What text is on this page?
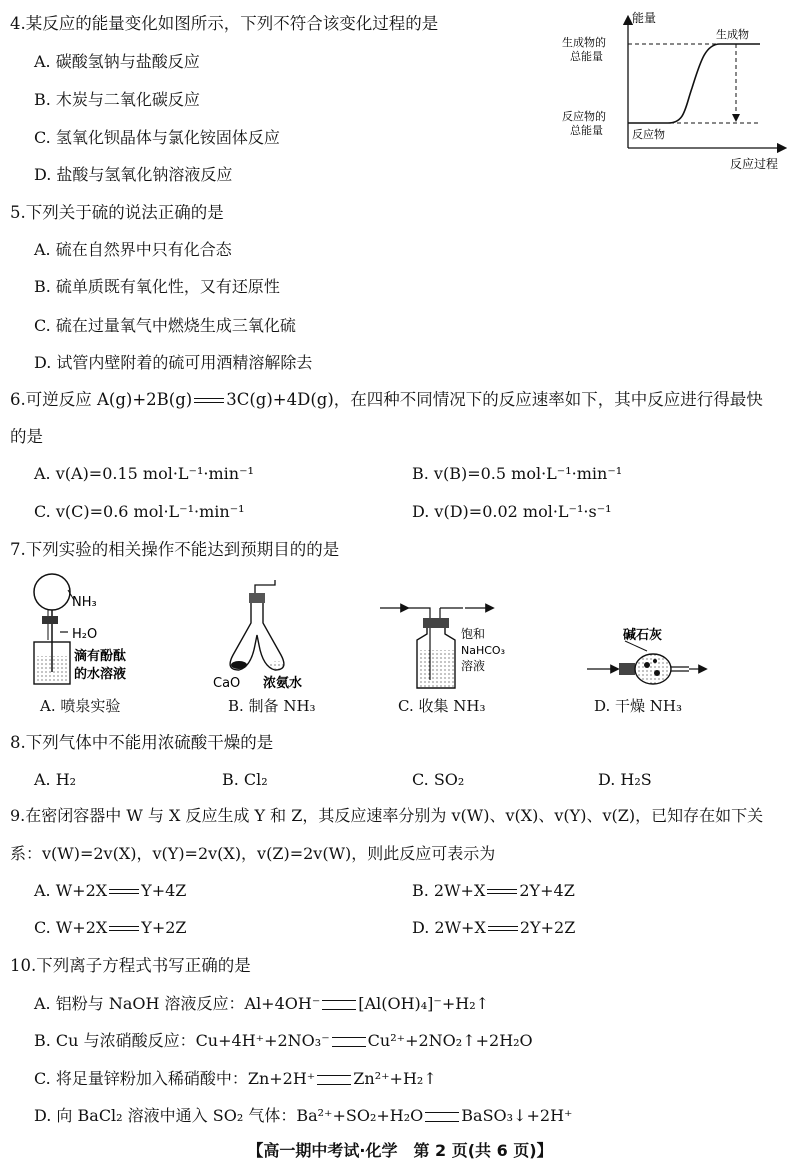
4.某反应的能量变化如图所示，下列不符合该变化过程的是
A. 碳酸氢钠与盐酸反应
B. 木炭与二氧化碳反应
C. 氢氧化钡晶体与氯化铵固体反应
D. 盐酸与氢氧化钠溶液反应
能量
生成物的
总能量
反应物的
总能量
生成物
反应物
反应过程
5.下列关于硫的说法正确的是
A. 硫在自然界中只有化合态
B. 硫单质既有氧化性，又有还原性
C. 硫在过量氧气中燃烧生成三氧化硫
D. 试管内壁附着的硫可用酒精溶解除去
6.可逆反应 A(g)+2B(g) 3C(g)+4D(g)，在四种不同情况下的反应速率如下，其中反应进行得最快
的是
A. v(A)=0.15 mol·L⁻¹·min⁻¹	B. v(B)=0.5 mol·L⁻¹·min⁻¹
C. v(C)=0.6 mol·L⁻¹·min⁻¹	D. v(D)=0.02 mol·L⁻¹·s⁻¹
7.下列实验的相关操作不能达到预期目的的是
NH₃
H₂O
滴有酚酞
的水溶液
CaO 浓氨水
饱和
NaHCO₃
溶液
碱石灰
A. 喷泉实验	B. 制备 NH₃	C. 收集 NH₃	D. 干燥 NH₃
8.下列气体中不能用浓硫酸干燥的是
A. H₂	B. Cl₂	C. SO₂	D. H₂S
9.在密闭容器中 W 与 X 反应生成 Y 和 Z，其反应速率分别为 v(W)、v(X)、v(Y)、v(Z)，已知存在如下关
系：v(W)=2v(X)，v(Y)=2v(X)，v(Z)=2v(W)，则此反应可表示为
A. W+2X Y+4Z	B. 2W+X 2Y+4Z
C. W+2X Y+2Z	D. 2W+X 2Y+2Z
10.下列离子方程式书写正确的是
A. 铝粉与 NaOH 溶液反应：Al+4OH⁻ [Al(OH)₄]⁻+H₂↑
B. Cu 与浓硝酸反应：Cu+4H⁺+2NO₃⁻ Cu²⁺+2NO₂↑+2H₂O
C. 将足量锌粉加入稀硝酸中：Zn+2H⁺ Zn²⁺+H₂↑
D. 向 BaCl₂ 溶液中通入 SO₂ 气体：Ba²⁺+SO₂+H₂O BaSO₃↓+2H⁺
【高一期中考试·化学　第 2 页(共 6 页)】
